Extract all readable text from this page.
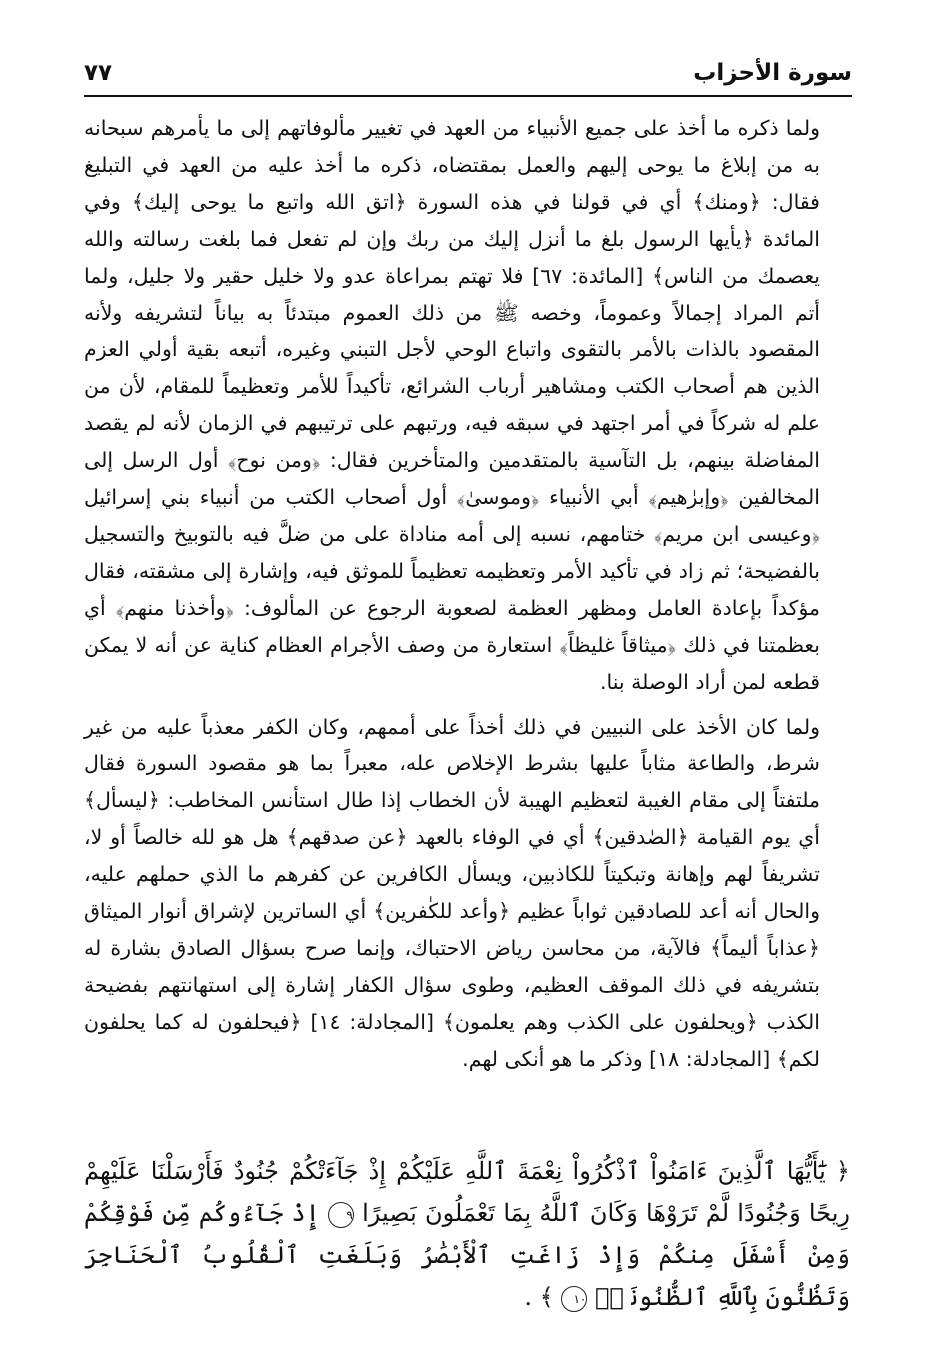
سورة الأحزاب
٧٧

ولما ذكره ما أخذ على جميع الأنبياء من العهد في تغيير مألوفاتهم إلى ما يأمرهم سبحانه به من إبلاغ ما يوحى إليهم والعمل بمقتضاه، ذكره ما أخذ عليه من العهد في التبليغ فقال: ﴿ومنك﴾ أي في قولنا في هذه السورة ﴿اتق الله واتبع ما يوحى إليك﴾ وفي المائدة ﴿يأيها الرسول بلغ ما أنزل إليك من ربك وإن لم تفعل فما بلغت رسالته والله يعصمك من الناس﴾ [المائدة: ٦٧] فلا تهتم بمراعاة عدو ولا خليل حقير ولا جليل، ولما أتم المراد إجمالاً وعموماً، وخصه ﷺ من ذلك العموم مبتدئاً به بياناً لتشريفه ولأنه المقصود بالذات بالأمر بالتقوى واتباع الوحي لأجل التبني وغيره، أتبعه بقية أولي العزم الذين هم أصحاب الكتب ومشاهير أرباب الشرائع، تأكيداً للأمر وتعظيماً للمقام، لأن من علم له شركاً في أمر اجتهد في سبقه فيه، ورتبهم على ترتيبهم في الزمان لأنه لم يقصد المفاضلة بينهم، بل التآسية بالمتقدمين والمتأخرين فقال: ﴿ومن نوح﴾ أول الرسل إلى المخالفين ﴿وإبرٰهيم﴾ أبي الأنبياء ﴿وموسىٰ﴾ أول أصحاب الكتب من أنبياء بني إسرائيل ﴿وعيسى ابن مريم﴾ ختامهم، نسبه إلى أمه مناداة على من ضلَّ فيه بالتوبيخ والتسجيل بالفضيحة؛ ثم زاد في تأكيد الأمر وتعظيمه تعظيماً للموثق فيه، وإشارة إلى مشقته، فقال مؤكداً بإعادة العامل ومظهر العظمة لصعوبة الرجوع عن المألوف: ﴿وأخذنا منهم﴾ أي بعظمتنا في ذلك ﴿ميثاقاً غليظاً﴾ استعارة من وصف الأجرام العظام كناية عن أنه لا يمكن قطعه لمن أراد الوصلة بنا.

ولما كان الأخذ على النبيين في ذلك أخذاً على أممهم، وكان الكفر معذباً عليه من غير شرط، والطاعة مثاباً عليها بشرط الإخلاص عله، معبراً بما هو مقصود السورة فقال ملتفتاً إلى مقام الغيبة لتعظيم الهيبة لأن الخطاب إذا طال استأنس المخاطب: ﴿ليسأل﴾ أي يوم القيامة ﴿الصٰدقين﴾ أي في الوفاء بالعهد ﴿عن صدقهم﴾ هل هو لله خالصاً أو لا، تشريفاً لهم وإهانة وتبكيتاً للكاذبين، ويسأل الكافرين عن كفرهم ما الذي حملهم عليه، والحال أنه أعد للصادقين ثواباً عظيم ﴿وأعد للكٰفرين﴾ أي الساترين لإشراق أنوار الميثاق ﴿عذاباً أليماً﴾ فالآية، من محاسن رياض الاحتباك، وإنما صرح بسؤال الصادق بشارة له بتشريفه في ذلك الموقف العظيم، وطوى سؤال الكفار إشارة إلى استهانتهم بفضيحة الكذب ﴿ويحلفون على الكذب وهم يعلمون﴾ [المجادلة: ١٤] ﴿فيحلفون له كما يحلفون لكم﴾ [المجادلة: ١٨] وذكر ما هو أنكى لهم.

﴿ يَٰٓأَيُّهَا ٱلَّذِينَ ءَامَنُواْ ٱذْكُرُواْ نِعْمَةَ ٱللَّهِ عَلَيْكُمْ إِذْ جَآءَتْكُمْ جُنُودٌ فَأَرْسَلْنَا عَلَيْهِمْ رِيحًا وَجُنُودًا لَّمْ تَرَوْهَا وَكَانَ ٱللَّهُ بِمَا تَعْمَلُونَ بَصِيرًا ٩ إِذْ جَآءُوكُم مِّن فَوْقِكُمْ وَمِنْ أَسْفَلَ مِنكُمْ وَإِذْ زَاغَتِ ٱلْأَبْصَٰرُ وَبَلَغَتِ ٱلْقُلُوبُ ٱلْحَنَاجِرَ وَتَظُنُّونَ بِٱللَّهِ ٱلظُّنُونَا۠ ١٠ ﴾ .
